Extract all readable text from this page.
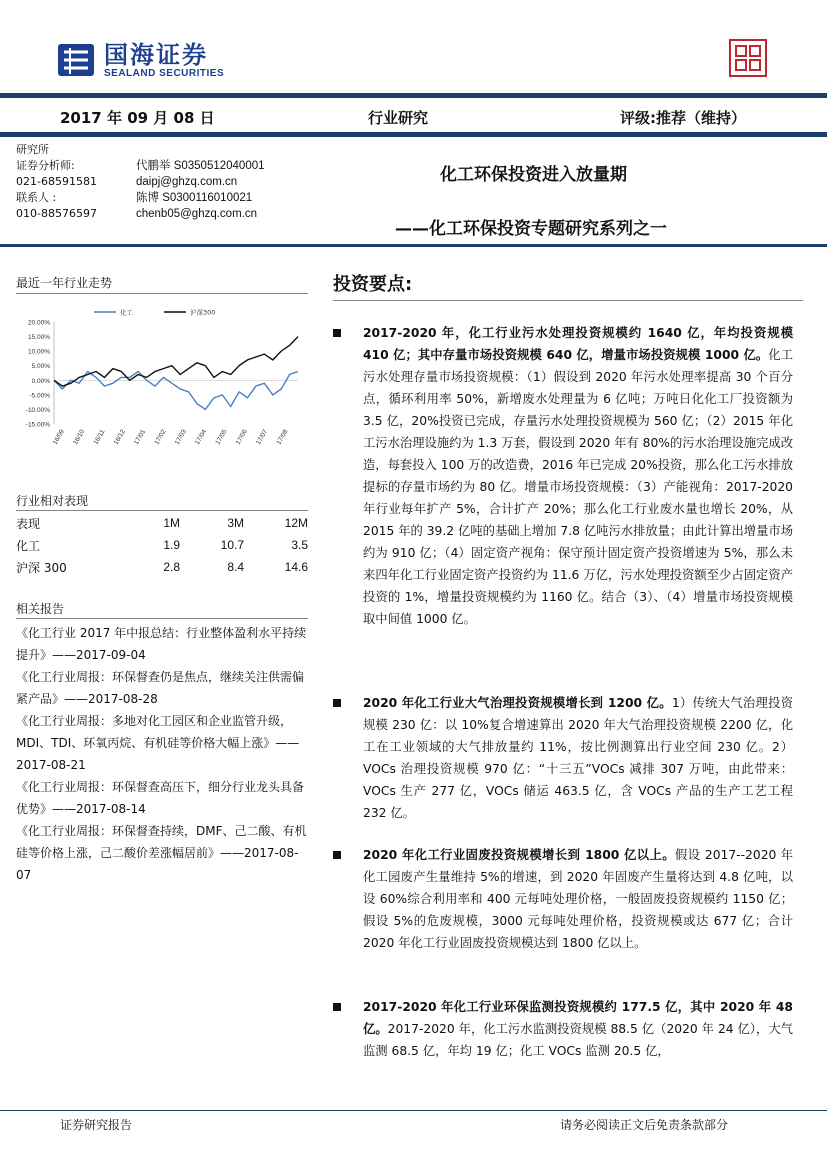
国海证券
SEALAND SECURITIES
2017 年 09 月 08 日	行业研究	评级:推荐（维持）
研究所
证券分析师:	代鹏举 S0350512040001
021-68591581	daipj@ghzq.com.cn
联系人 :	陈博 S0300116010021
010-88576597	chenb05@ghzq.com.cn
化工环保投资进入放量期
——化工环保投资专题研究系列之一
最近一年行业走势
化工	沪深300
20.00%
15.00%
10.00%
5.00%
0.00%
-5.00%
-10.00%
-15.00%
16/09 16/10 16/11 16/12 17/01 17/02 17/03 17/04 17/05 17/06 17/07 17/08
行业相对表现
表现	1M	3M	12M
化工	1.9	10.7	3.5
沪深 300	2.8	8.4	14.6
相关报告
《化工行业 2017 年中报总结：行业整体盈利水平持续提升》——2017-09-04
《化工行业周报：环保督查仍是焦点，继续关注供需偏紧产品》——2017-08-28
《化工行业周报：多地对化工园区和企业监管升级，MDI、TDI、环氧丙烷、有机硅等价格大幅上涨》——2017-08-21
《化工行业周报：环保督查高压下，细分行业龙头具备优势》——2017-08-14
《化工行业周报：环保督查持续，DMF、己二酸、有机硅等价格上涨，己二酸价差涨幅居前》——2017-08-07
投资要点:
2017-2020 年，化工行业污水处理投资规模约 1640 亿，年均投资规模 410 亿；其中存量市场投资规模 640 亿，增量市场投资规模 1000 亿。化工污水处理存量市场投资规模：（1）假设到 2020 年污水处理率提高 30 个百分点，循环利用率 50%，新增废水处理量为 6 亿吨；万吨日化化工厂投资额为 3.5 亿，20%投资已完成，存量污水处理投资规模为 560 亿；（2）2015 年化工污水治理设施约为 1.3 万套，假设到 2020 年有 80%的污水治理设施完成改造，每套投入 100 万的改造费，2016 年已完成 20%投资，那么化工污水排放提标的存量市场约为 80 亿。增量市场投资规模：（3）产能视角：2017-2020 年行业每年扩产 5%，合计扩产 20%；那么化工行业废水量也增长 20%，从 2015 年的 39.2 亿吨的基础上增加 7.8 亿吨污水排放量；由此计算出增量市场约为 910 亿；（4）固定资产视角：保守预计固定资产投资增速为 5%，那么未来四年化工行业固定资产投资约为 11.6 万亿，污水处理投资额至少占固定资产投资的 1%，增量投资规模约为 1160 亿。结合（3）、（4）增量市场投资规模取中间值 1000 亿。
2020 年化工行业大气治理投资规模增长到 1200 亿。1）传统大气治理投资规模 230 亿：以 10%复合增速算出 2020 年大气治理投资规模 2200 亿，化工在工业领域的大气排放量约 11%，按比例测算出行业空间 230 亿。2）VOCs 治理投资规模 970 亿：“十三五”VOCs 减排 307 万吨，由此带来：VOCs 生产 277 亿，VOCs 储运 463.5 亿，含 VOCs 产品的生产工艺工程 232 亿。
2020 年化工行业固废投资规模增长到 1800 亿以上。假设 2017--2020 年化工园废产生量维持 5%的增速，到 2020 年固废产生量将达到 4.8 亿吨，以设 60%综合利用率和 400 元每吨处理价格，一般固废投资规模约 1150 亿；假设 5%的危废规模，3000 元每吨处理价格，投资规模或达 677 亿；合计 2020 年化工行业固废投资规模达到 1800 亿以上。
2017-2020 年化工行业环保监测投资规模约 177.5 亿，其中 2020 年 48 亿。2017-2020 年，化工污水监测投资规模 88.5 亿（2020 年 24 亿），大气监测 68.5 亿，年均 19 亿；化工 VOCs 监测 20.5 亿，
证券研究报告	请务必阅读正文后免责条款部分
